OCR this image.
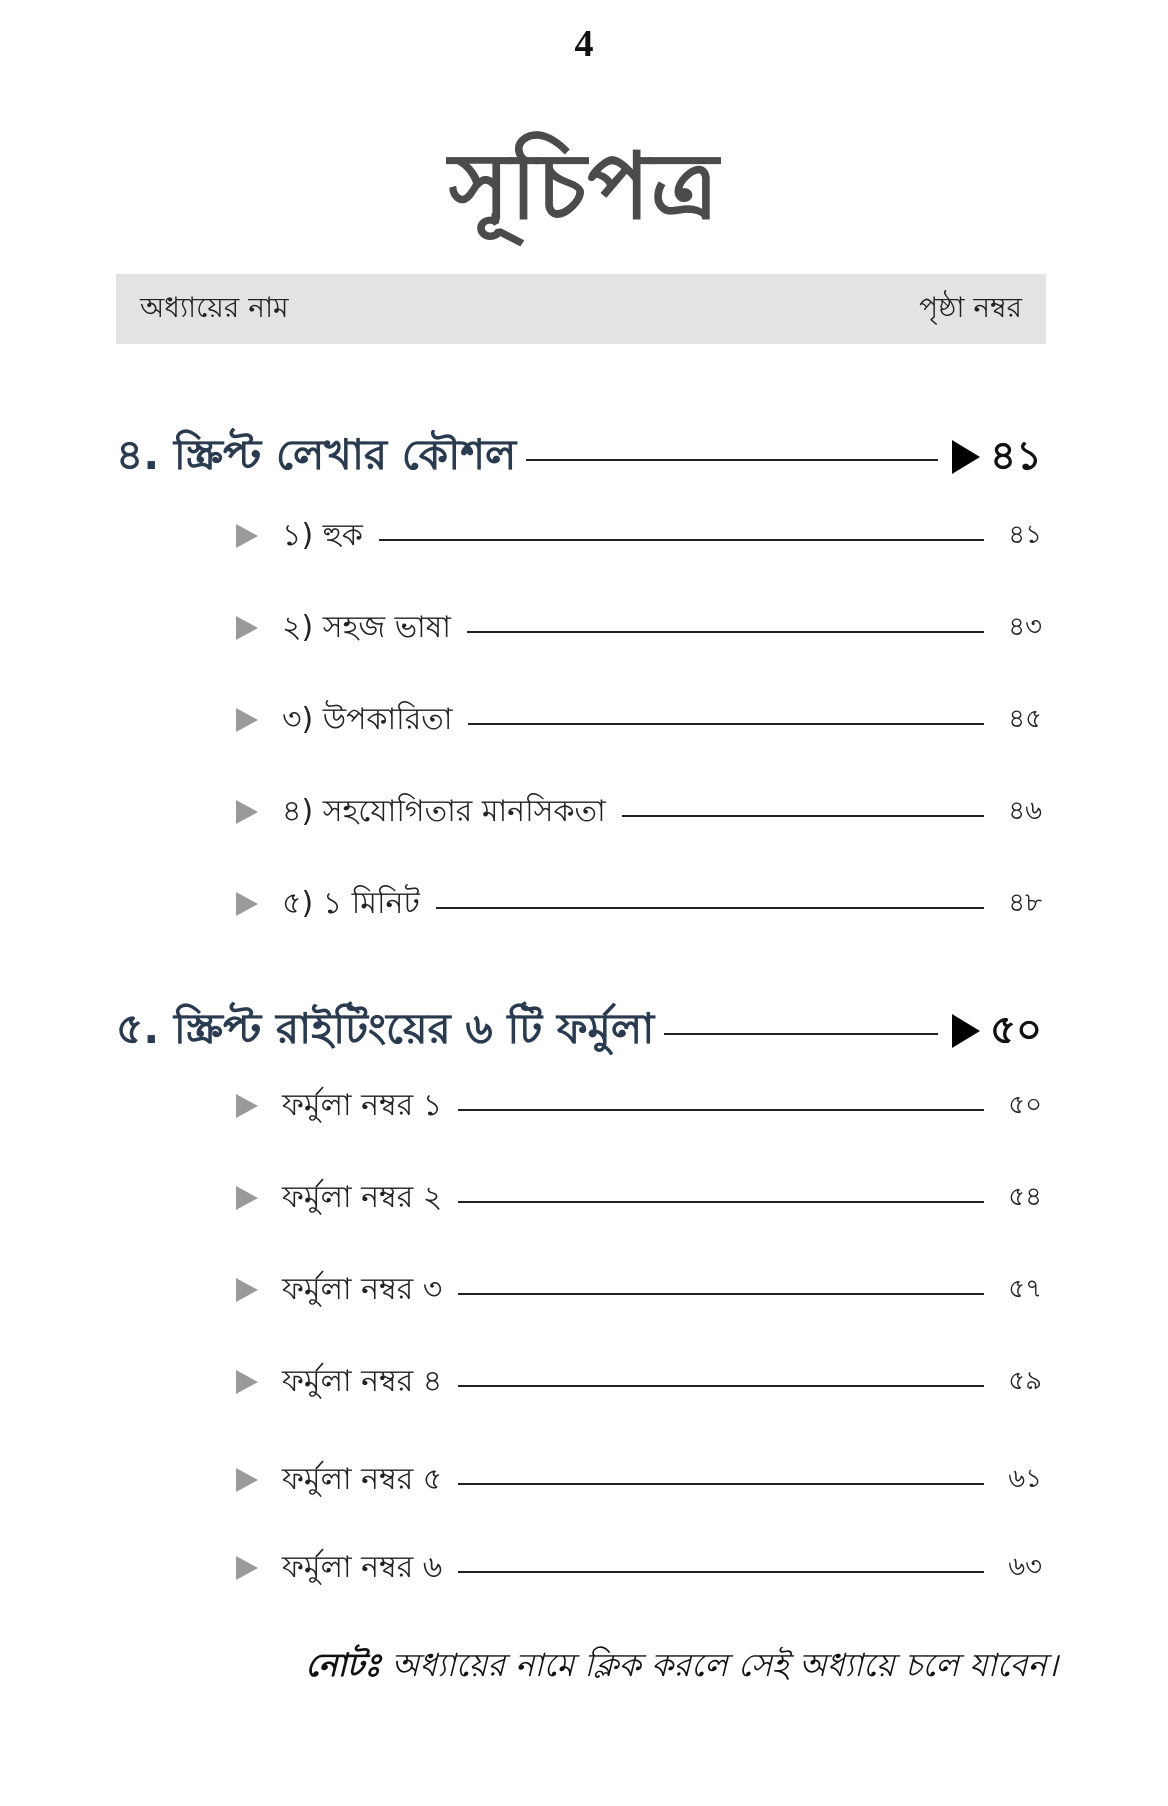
4
সূচিপত্র
অধ্যায়ের নাম	পৃষ্ঠা নম্বর
৪. স্ক্রিপ্ট লেখার কৌশল	৪১
১) হুক	৪১
২) সহজ ভাষা	৪৩
৩) উপকারিতা	৪৫
৪) সহযোগিতার মানসিকতা	৪৬
৫) ১ মিনিট	৪৮
৫. স্ক্রিপ্ট রাইটিংয়ের ৬ টি ফর্মুলা	৫০
ফর্মুলা নম্বর ১	৫০
ফর্মুলা নম্বর ২	৫৪
ফর্মুলা নম্বর ৩	৫৭
ফর্মুলা নম্বর ৪	৫৯
ফর্মুলা নম্বর ৫	৬১
ফর্মুলা নম্বর ৬	৬৩
নোটঃ অধ্যায়ের নামে ক্লিক করলে সেই অধ্যায়ে চলে যাবেন।
